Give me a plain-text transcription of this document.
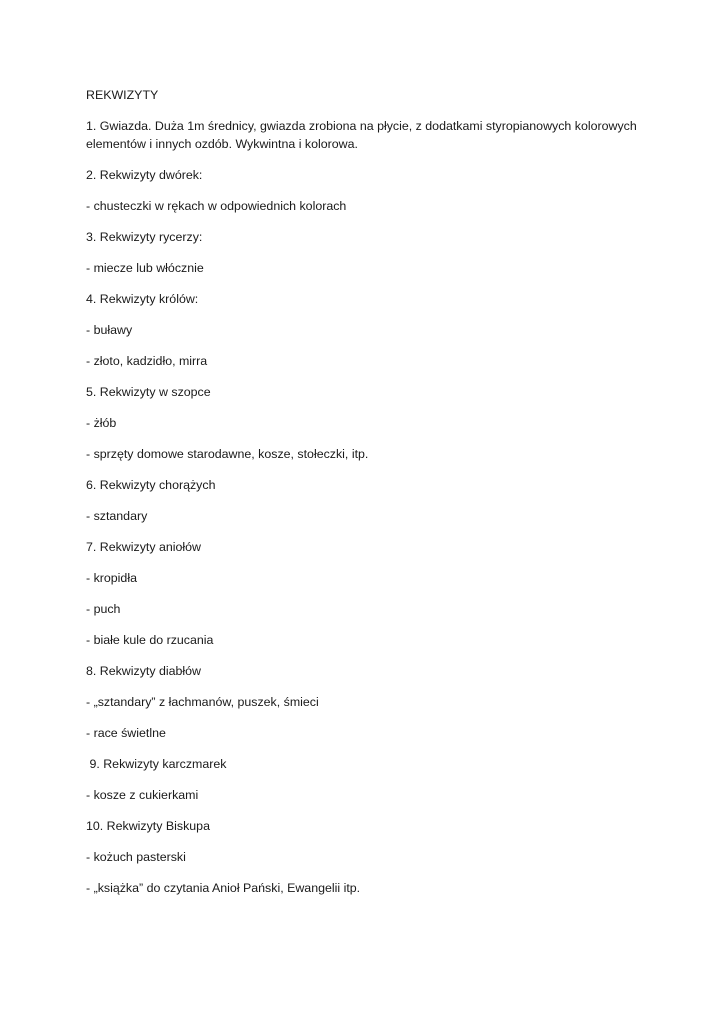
REKWIZYTY
1. Gwiazda. Duża 1m średnicy, gwiazda zrobiona na płycie, z dodatkami styropianowych kolorowych
elementów i innych ozdób. Wykwintna i kolorowa.
2. Rekwizyty dwórek:
- chusteczki w rękach w odpowiednich kolorach
3. Rekwizyty rycerzy:
- miecze lub włócznie
4. Rekwizyty królów:
- buławy
- złoto, kadzidło, mirra
5. Rekwizyty w szopce
- żłób
- sprzęty domowe starodawne, kosze, stołeczki, itp.
6. Rekwizyty chorążych
- sztandary
7. Rekwizyty aniołów
- kropidła
- puch
- białe kule do rzucania
8. Rekwizyty diabłów
- „sztandary” z łachmanów, puszek, śmieci
- race świetlne
9. Rekwizyty karczmarek
- kosze z cukierkami
10. Rekwizyty Biskupa
- kożuch pasterski
- „książka” do czytania Anioł Pański, Ewangelii itp.
